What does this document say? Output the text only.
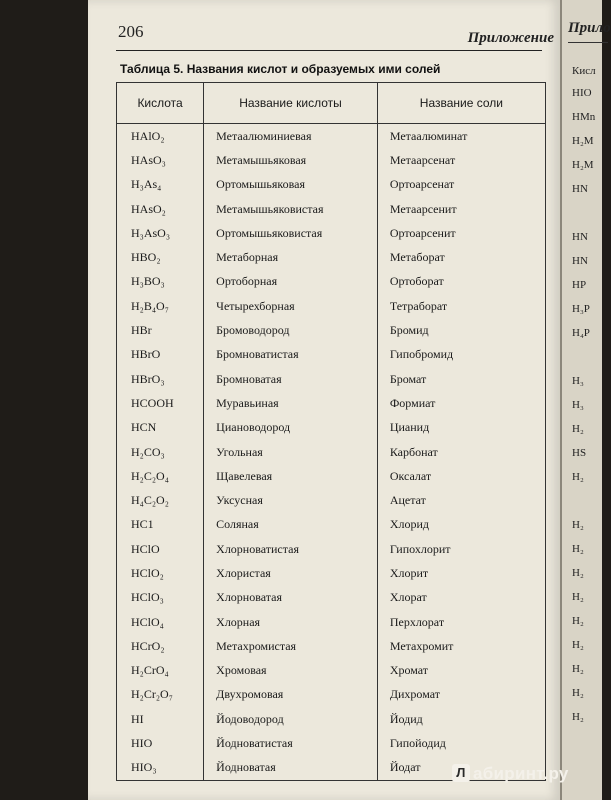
Прило
Кисл
HIO
HMn
H₂M
H₂M
HN
HN
HN
HP
H₃P
H₄P
H₃
H₃
H₂
HS
H₂
H₂
H₂
H₂
H₂
H₂
H₂
H₂
H₂
H₂
206	Приложение
Таблица 5. Названия кислот и образуемых ими солей
Кислота	Название кислоты	Название соли
HAlO₂	Метаалюминиевая	Метаалюминат
HAsO₃	Метамышьяковая	Метаарсенат
H₃As₄	Ортомышьяковая	Ортоарсенат
HAsO₂	Метамышьяковистая	Метаарсенит
H₃AsO₃	Ортомышьяковистая	Ортоарсенит
HBO₂	Метаборная	Метаборат
H₃BO₃	Ортоборная	Ортоборат
H₂B₄O₇	Четырехборная	Тетраборат
HBr	Бромоводород	Бромид
HBrO	Бромноватистая	Гипобромид
HBrO₃	Бромноватая	Бромат
HCOOH	Муравьиная	Формиат
HCN	Циановодород	Цианид
H₂CO₃	Угольная	Карбонат
H₂C₂O₄	Щавелевая	Оксалат
H₄C₂O₂	Уксусная	Ацетат
HC1	Соляная	Хлорид
HClO	Хлорноватистая	Гипохлорит
HClO₂	Хлористая	Хлорит
HClO₃	Хлорноватая	Хлорат
HClO₄	Хлорная	Перхлорат
HCrO₂	Метахромистая	Метахромит
H₂CrO₄	Хромовая	Хромат
H₂Cr₂O₇	Двухромовая	Дихромат
HI	Йодоводород	Йодид
HIO	Йодноватистая	Гипойодид
HIO₃	Йодноватая	Йодат	Л абиринт.ру
